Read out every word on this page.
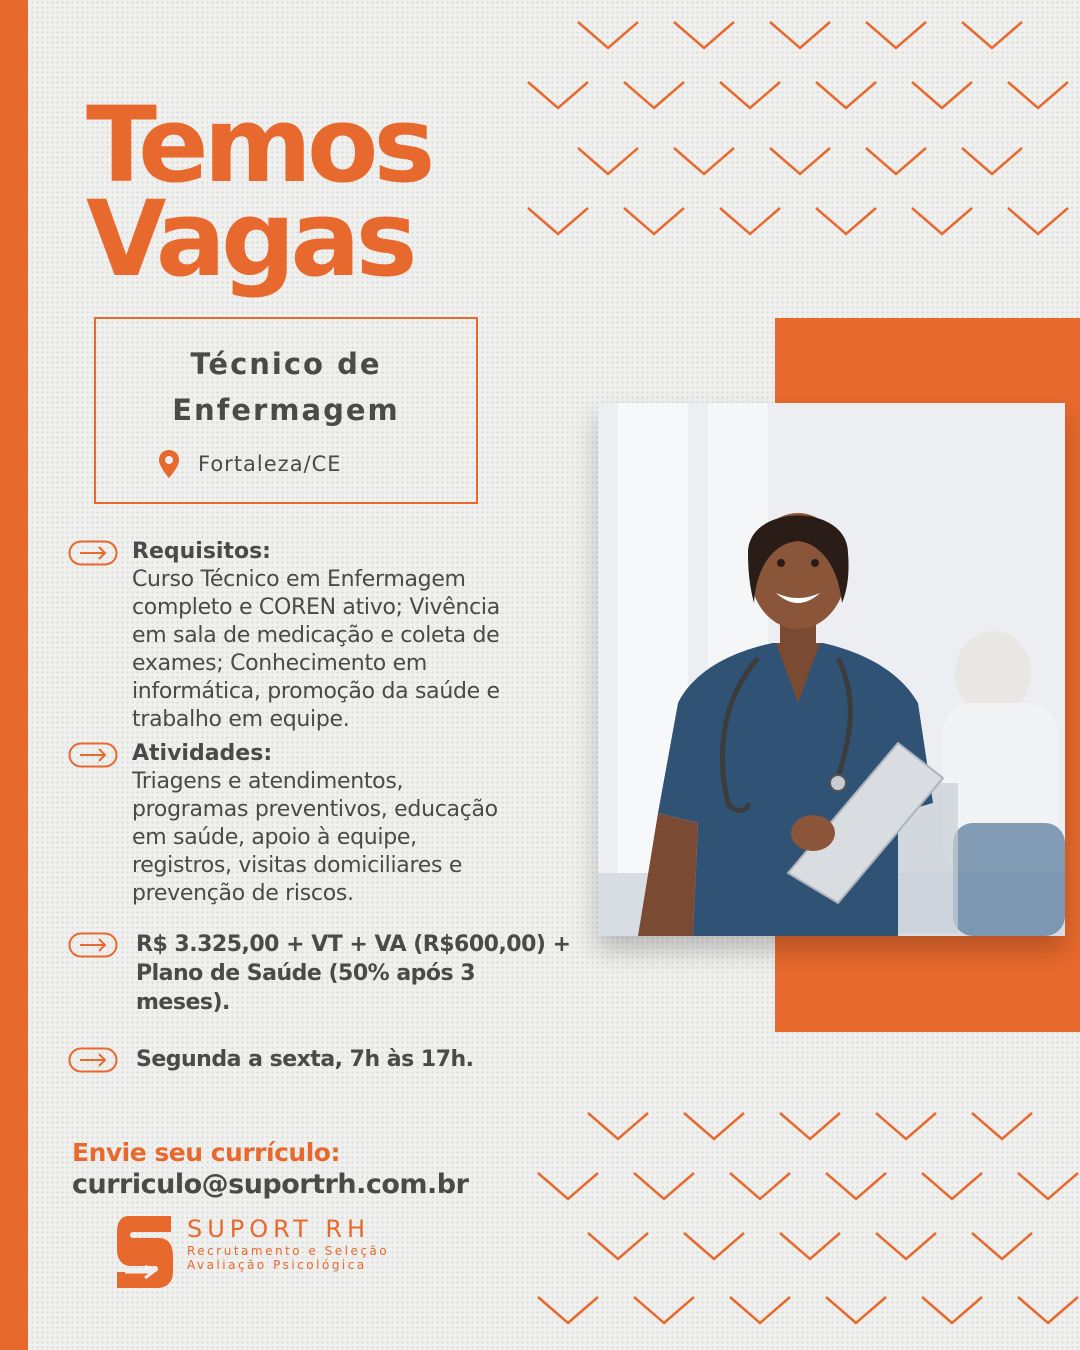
Temos
Vagas
Técnico de
Enfermagem
Fortaleza/CE
Requisitos:
Curso Técnico em Enfermagem
completo e COREN ativo; Vivência
em sala de medicação e coleta de
exames; Conhecimento em
informática, promoção da saúde e
trabalho em equipe.
Atividades:
Triagens e atendimentos,
programas preventivos, educação
em saúde, apoio à equipe,
registros, visitas domiciliares e
prevenção de riscos.
R$ 3.325,00 + VT + VA (R$600,00) +
Plano de Saúde (50% após 3
meses).
Segunda a sexta, 7h às 17h.
Envie seu currículo:
curriculo@suportrh.com.br
SUPORT RH
Recrutamento e Seleção
Avaliação Psicológica
